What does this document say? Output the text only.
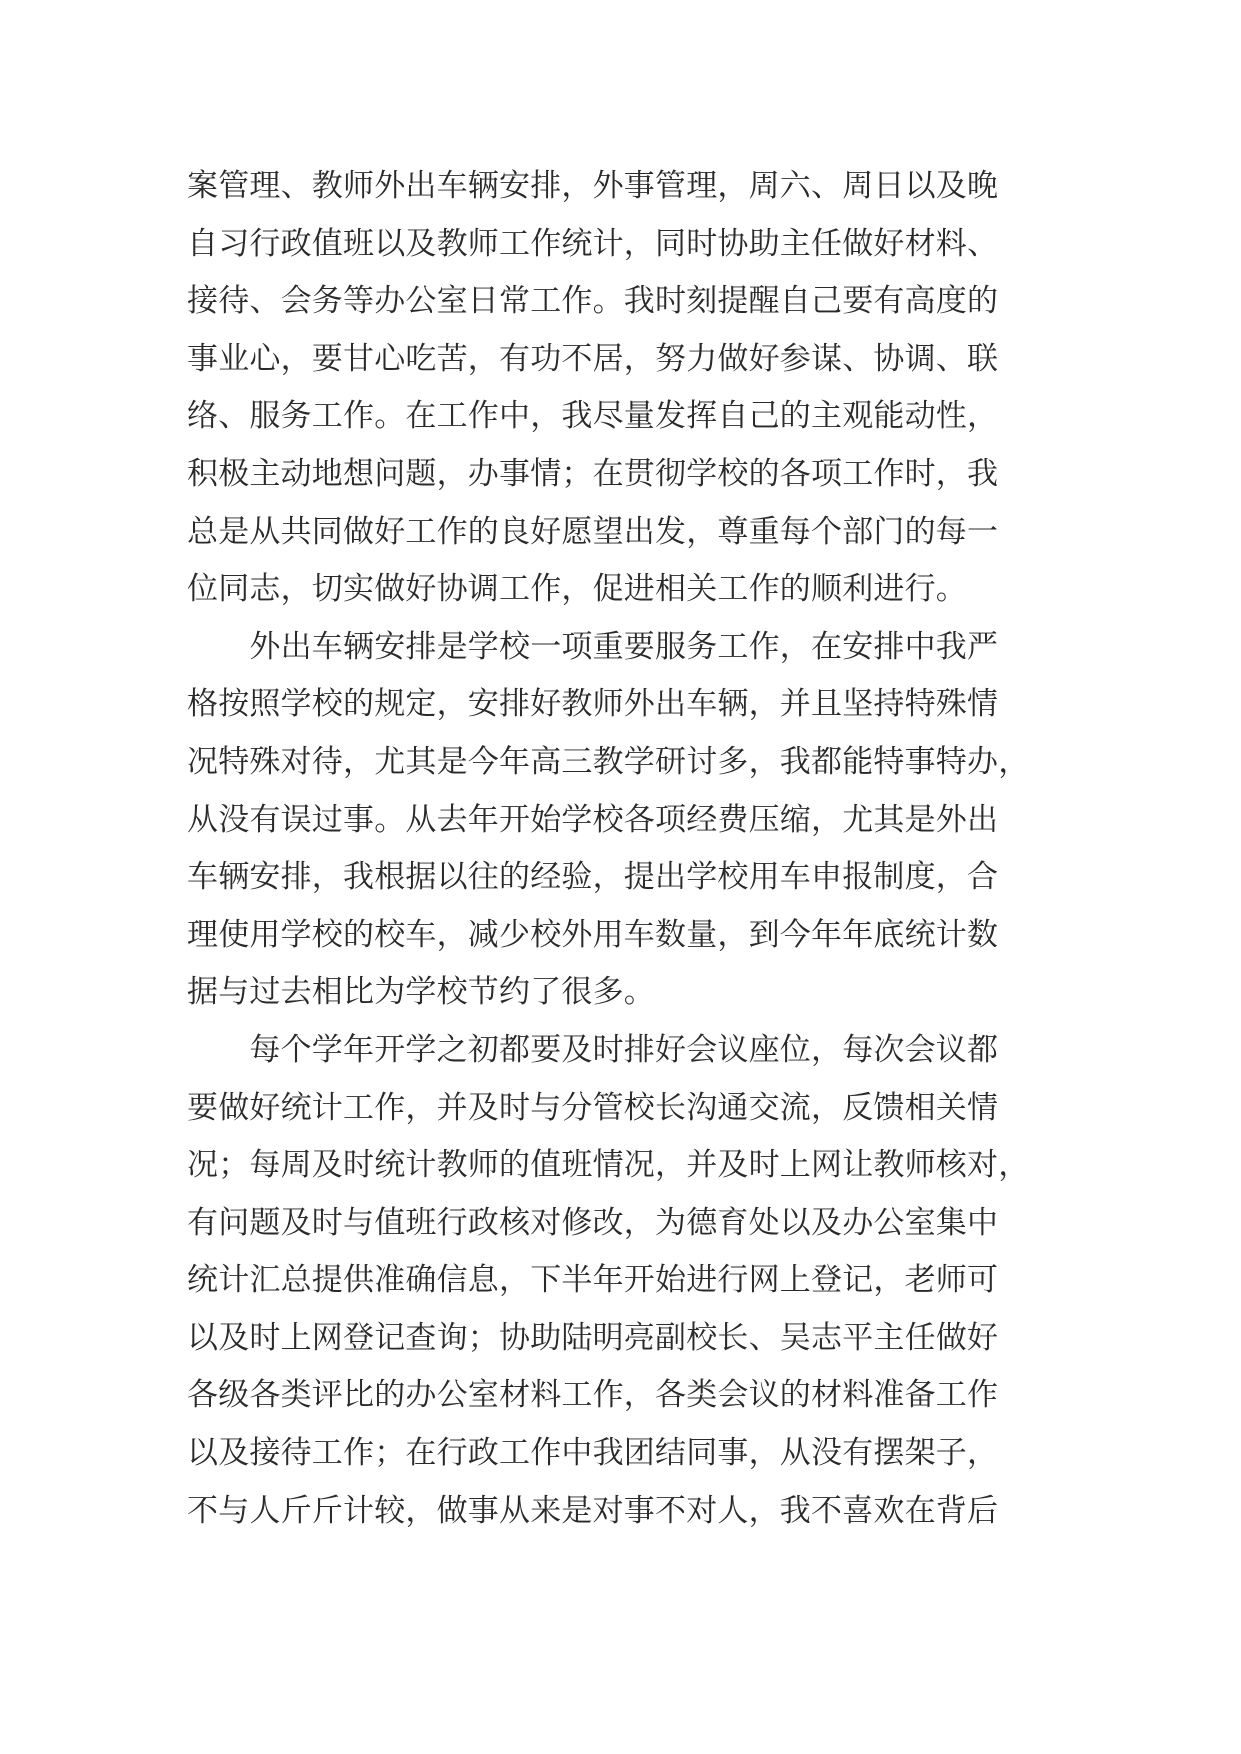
案管理、教师外出车辆安排，外事管理，周六、周日以及晚
自习行政值班以及教师工作统计，同时协助主任做好材料、
接待、会务等办公室日常工作。我时刻提醒自己要有高度的
事业心，要甘心吃苦，有功不居，努力做好参谋、协调、联
络、服务工作。在工作中，我尽量发挥自己的主观能动性，
积极主动地想问题，办事情；在贯彻学校的各项工作时，我
总是从共同做好工作的良好愿望出发，尊重每个部门的每一
位同志，切实做好协调工作，促进相关工作的顺利进行。
　　外出车辆安排是学校一项重要服务工作，在安排中我严
格按照学校的规定，安排好教师外出车辆，并且坚持特殊情
况特殊对待，尤其是今年高三教学研讨多，我都能特事特办，
从没有误过事。从去年开始学校各项经费压缩，尤其是外出
车辆安排，我根据以往的经验，提出学校用车申报制度，合
理使用学校的校车，减少校外用车数量，到今年年底统计数
据与过去相比为学校节约了很多。
　　每个学年开学之初都要及时排好会议座位，每次会议都
要做好统计工作，并及时与分管校长沟通交流，反馈相关情
况；每周及时统计教师的值班情况，并及时上网让教师核对，
有问题及时与值班行政核对修改，为德育处以及办公室集中
统计汇总提供准确信息，下半年开始进行网上登记，老师可
以及时上网登记查询；协助陆明亮副校长、吴志平主任做好
各级各类评比的办公室材料工作，各类会议的材料准备工作
以及接待工作；在行政工作中我团结同事，从没有摆架子，
不与人斤斤计较，做事从来是对事不对人，我不喜欢在背后
